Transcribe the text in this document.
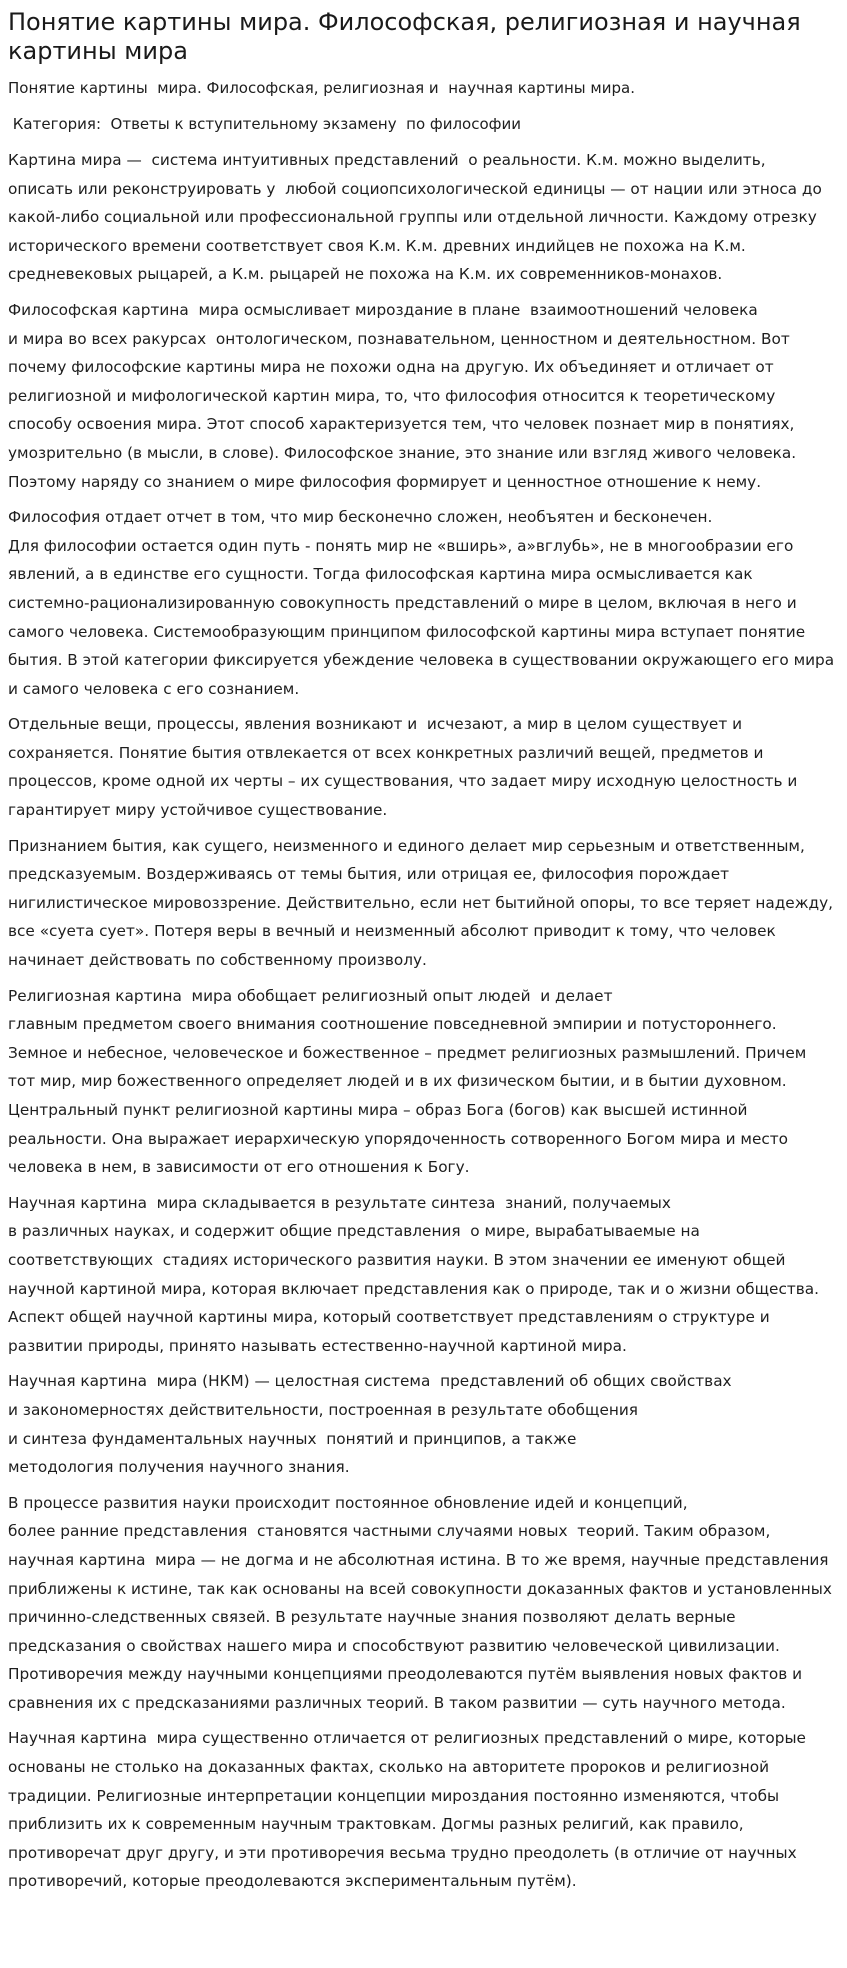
Понятие картины мира. Философская, религиозная и научная картины мира
Понятие картины  мира. Философская, религиозная и  научная картины мира.
Категория:  Ответы к вступительному экзамену  по философии

Картина мира —  система интуитивных представлений  о реальности. К.м. можно выделить, описать или реконструировать у  любой социопсихологической единицы — от нации или этноса до какой-либо социальной или профессиональной группы или отдельной личности. Каждому отрезку исторического времени соответствует своя К.м. К.м. древних индийцев не похожа на К.м. средневековых рыцарей, а К.м. рыцарей не похожа на К.м. их современников-монахов.

Философская картина  мира осмысливает мироздание в плане  взаимоотношений человека
и мира во всех ракурсах  онтологическом, познавательном, ценностном и деятельностном. Вот почему философские картины мира не похожи одна на другую. Их объединяет и отличает от религиозной и мифологической картин мира, то, что философия относится к теоретическому способу освоения мира. Этот способ характеризуется тем, что человек познает мир в понятиях, умозрительно (в мысли, в слове). Философское знание, это знание или взгляд живого человека. Поэтому наряду со знанием о мире философия формирует и ценностное отношение к нему.

Философия отдает отчет в том, что мир бесконечно сложен, необъятен и бесконечен.
Для философии остается один путь - понять мир не «вширь», а»вглубь», не в многообразии его явлений, а в единстве его сущности. Тогда философская картина мира осмысливается как системно-рационализированную совокупность представлений о мире в целом, включая в него и самого человека. Системообразующим принципом философской картины мира вступает понятие бытия. В этой категории фиксируется убеждение человека в существовании окружающего его мира и самого человека с его сознанием.

Отдельные вещи, процессы, явления возникают и  исчезают, а мир в целом существует и сохраняется. Понятие бытия отвлекается от всех конкретных различий вещей, предметов и процессов, кроме одной их черты – их существования, что задает миру исходную целостность и гарантирует миру устойчивое существование.

Признанием бытия, как сущего, неизменного и единого делает мир серьезным и ответственным, предсказуемым. Воздерживаясь от темы бытия, или отрицая ее, философия порождает нигилистическое мировоззрение. Действительно, если нет бытийной опоры, то все теряет надежду, все «суета сует». Потеря веры в вечный и неизменный абсолют приводит к тому, что человек начинает действовать по собственному произволу.

Религиозная картина  мира обобщает религиозный опыт людей  и делает
главным предметом своего внимания соотношение повседневной эмпирии и потустороннего. Земное и небесное, человеческое и божественное – предмет религиозных размышлений. Причем тот мир, мир божественного определяет людей и в их физическом бытии, и в бытии духовном. Центральный пункт религиозной картины мира – образ Бога (богов) как высшей истинной реальности. Она выражает иерархическую упорядоченность сотворенного Богом мира и место человека в нем, в зависимости от его отношения к Богу.

Научная картина  мира складывается в результате синтеза  знаний, получаемых
в различных науках, и содержит общие представления  о мире, вырабатываемые на соответствующих  стадиях исторического развития науки. В этом значении ее именуют общей научной картиной мира, которая включает представления как о природе, так и о жизни общества. Аспект общей научной картины мира, который соответствует представлениям о структуре и развитии природы, принято называть естественно-научной картиной мира.

Научная картина  мира (НКМ) — целостная система  представлений об общих свойствах
и закономерностях действительности, построенная в результате обобщения
и синтеза фундаментальных научных  понятий и принципов, а также
методология получения научного знания.

В процессе развития науки происходит постоянное обновление идей и концепций,
более ранние представления  становятся частными случаями новых  теорий. Таким образом, научная картина  мира — не догма и не абсолютная истина. В то же время, научные представления приближены к истине, так как основаны на всей совокупности доказанных фактов и установленных причинно-следственных связей. В результате научные знания позволяют делать верные предсказания о свойствах нашего мира и способствуют развитию человеческой цивилизации. Противоречия между научными концепциями преодолеваются путём выявления новых фактов и сравнения их с предсказаниями различных теорий. В таком развитии — суть научного метода.

Научная картина  мира существенно отличается от религиозных представлений о мире, которые основаны не столько на доказанных фактах, сколько на авторитете пророков и религиозной традиции. Религиозные интерпретации концепции мироздания постоянно изменяются, чтобы приблизить их к современным научным трактовкам. Догмы разных религий, как правило, противоречат друг другу, и эти противоречия весьма трудно преодолеть (в отличие от научных противоречий, которые преодолеваются экспериментальным путём).
